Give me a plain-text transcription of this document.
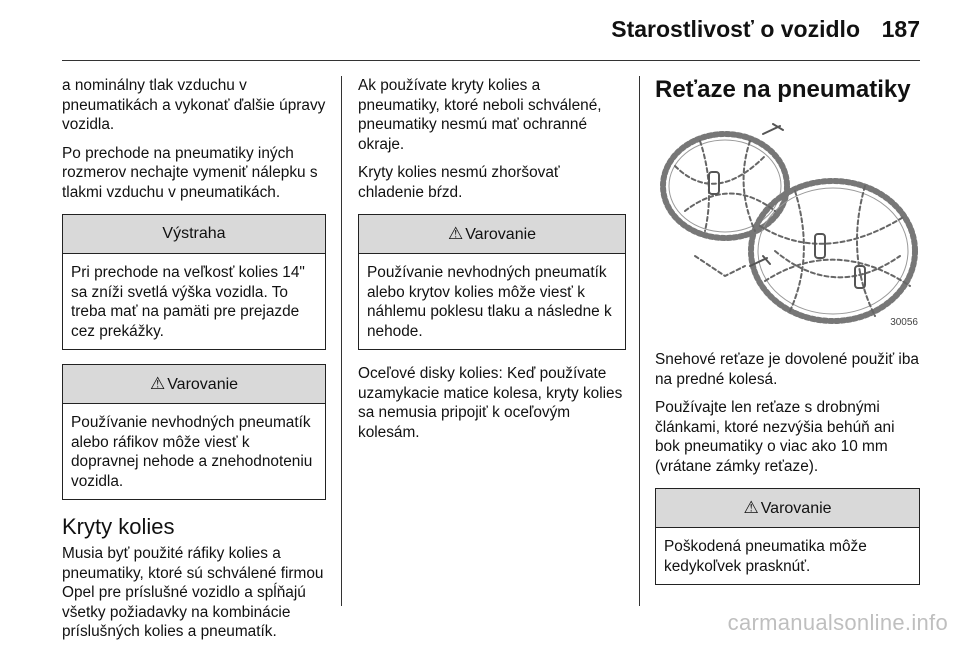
Starostlivosť o vozidlo 187

a nominálny tlak vzduchu v pneumatikách a vykonať ďalšie úpravy vozidla.

Po prechode na pneumatiky iných rozmerov nechajte vymeniť nálepku s tlakmi vzduchu v pneumatikách.

Výstraha
Pri prechode na veľkosť kolies 14" sa zníži svetlá výška vozidla. To treba mať na pamäti pre prejazde cez prekážky.
⚠ Varovanie
Používanie nevhodných pneumatík alebo ráfikov môže viesť k dopravnej nehode a znehodnoteniu vozidla.
Kryty kolies

Musia byť použité ráfiky kolies a pneumatiky, ktoré sú schválené firmou Opel pre príslušné vozidlo a spĺňajú všetky požiadavky na kombinácie príslušných kolies a pneumatík.

Ak používate kryty kolies a pneumatiky, ktoré neboli schválené, pneumatiky nesmú mať ochranné okraje.

Kryty kolies nesmú zhoršovať chladenie bŕzd.

⚠ Varovanie
Používanie nevhodných pneumatík alebo krytov kolies môže viesť k náhlemu poklesu tlaku a následne k nehode.

Oceľové disky kolies: Keď používate uzamykacie matice kolesa, kryty kolies sa nemusia pripojiť k oceľovým kolesám.

Reťaze na pneumatiky
30056

Snehové reťaze je dovolené použiť iba na predné kolesá.

Používajte len reťaze s drobnými článkami, ktoré nezvýšia behúň ani bok pneumatiky o viac ako 10 mm (vrátane zámky reťaze).

⚠ Varovanie
Poškodená pneumatika môže kedykoľvek prasknúť.
carmanualsonline.info
